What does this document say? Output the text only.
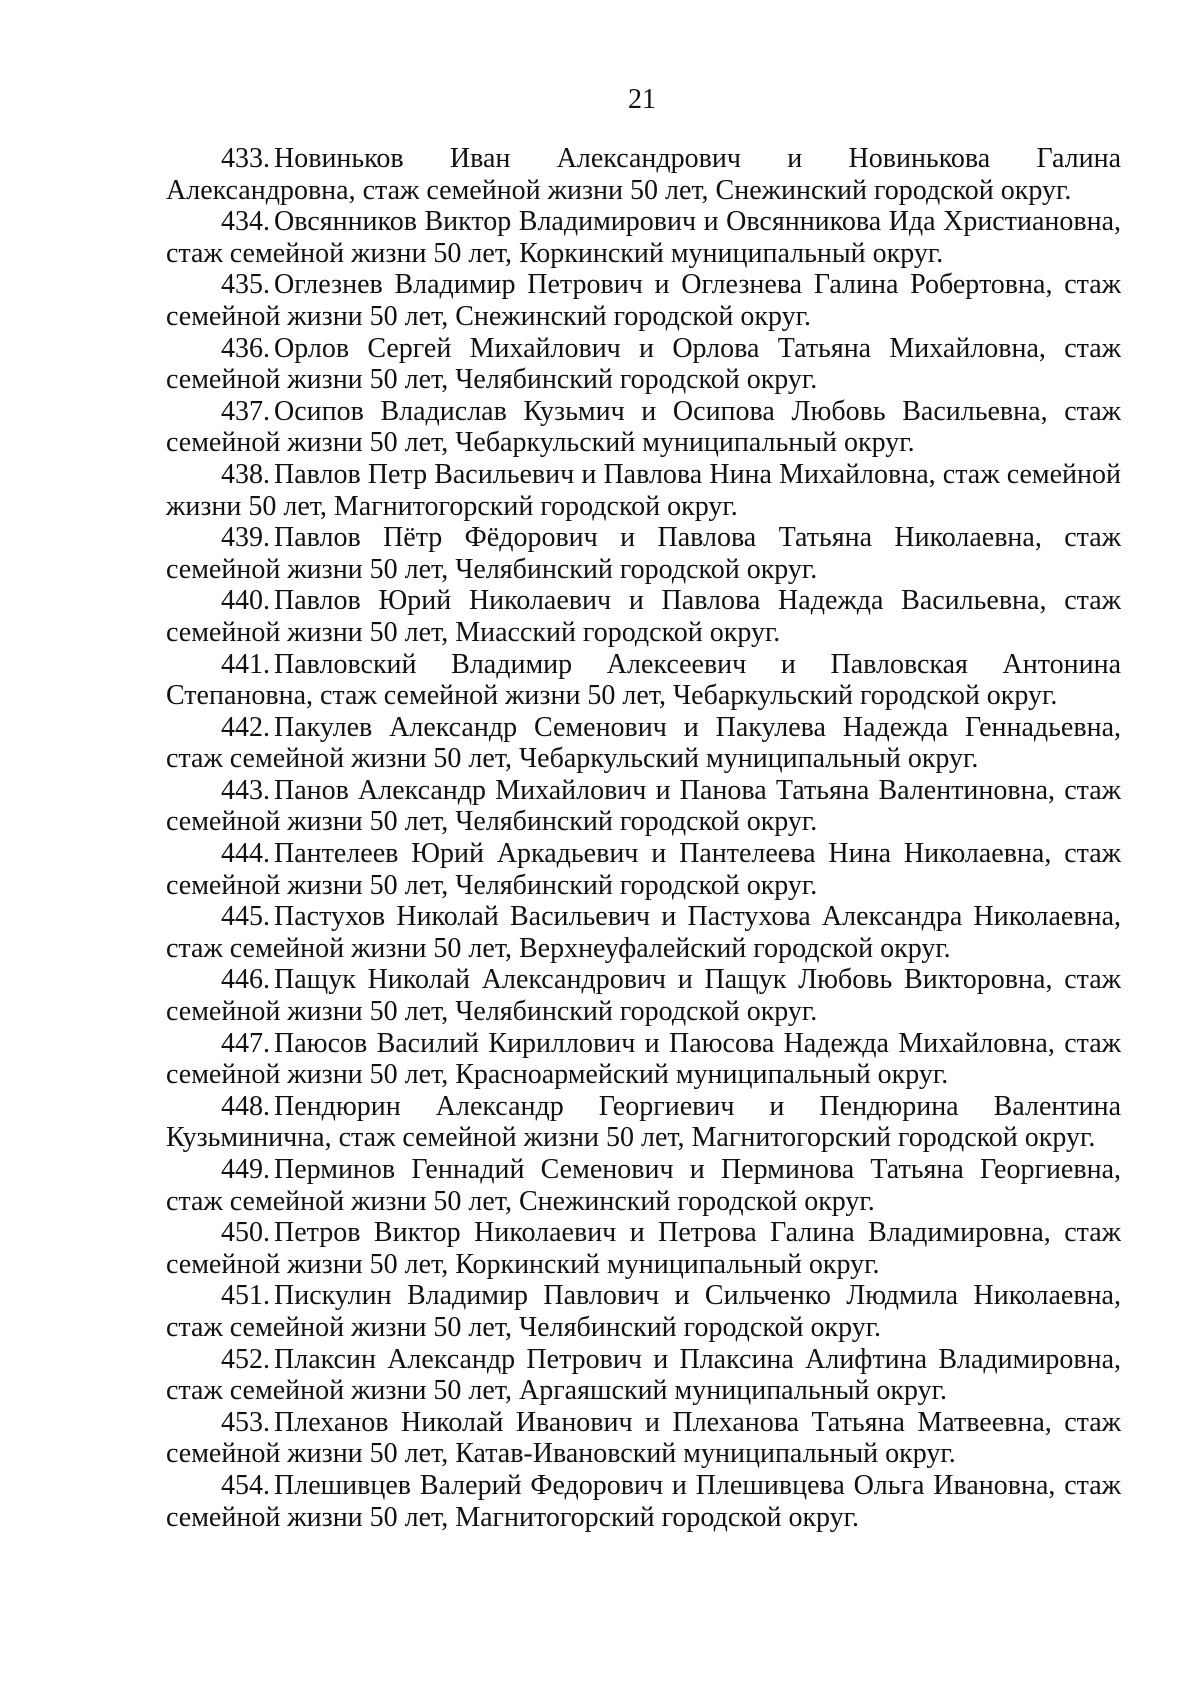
21

433. Новиньков Иван Александрович и Новинькова Галина Александровна, стаж семейной жизни 50 лет, Снежинский городской округ.

434. Овсянников Виктор Владимирович и Овсянникова Ида Христиановна, стаж семейной жизни 50 лет, Коркинский муниципальный округ.

435. Оглезнев Владимир Петрович и Оглезнева Галина Робертовна, стаж семейной жизни 50 лет, Снежинский городской округ.

436. Орлов Сергей Михайлович и Орлова Татьяна Михайловна, стаж семейной жизни 50 лет, Челябинский городской округ.

437. Осипов Владислав Кузьмич и Осипова Любовь Васильевна, стаж семейной жизни 50 лет, Чебаркульский муниципальный округ.

438. Павлов Петр Васильевич и Павлова Нина Михайловна, стаж семейной жизни 50 лет, Магнитогорский городской округ.

439. Павлов Пётр Фёдорович и Павлова Татьяна Николаевна, стаж семейной жизни 50 лет, Челябинский городской округ.

440. Павлов Юрий Николаевич и Павлова Надежда Васильевна, стаж семейной жизни 50 лет, Миасский городской округ.

441. Павловский Владимир Алексеевич и Павловская Антонина Степановна, стаж семейной жизни 50 лет, Чебаркульский городской округ.

442. Пакулев Александр Семенович и Пакулева Надежда Геннадьевна, стаж семейной жизни 50 лет, Чебаркульский муниципальный округ.

443. Панов Александр Михайлович и Панова Татьяна Валентиновна, стаж семейной жизни 50 лет, Челябинский городской округ.

444. Пантелеев Юрий Аркадьевич и Пантелеева Нина Николаевна, стаж семейной жизни 50 лет, Челябинский городской округ.

445. Пастухов Николай Васильевич и Пастухова Александра Николаевна, стаж семейной жизни 50 лет, Верхнеуфалейский городской округ.

446. Пащук Николай Александрович и Пащук Любовь Викторовна, стаж семейной жизни 50 лет, Челябинский городской округ.

447. Паюсов Василий Кириллович и Паюсова Надежда Михайловна, стаж семейной жизни 50 лет, Красноармейский муниципальный округ.

448. Пендюрин Александр Георгиевич и Пендюрина Валентина Кузьминична, стаж семейной жизни 50 лет, Магнитогорский городской округ.

449. Перминов Геннадий Семенович и Перминова Татьяна Георгиевна, стаж семейной жизни 50 лет, Снежинский городской округ.

450. Петров Виктор Николаевич и Петрова Галина Владимировна, стаж семейной жизни 50 лет, Коркинский муниципальный округ.

451. Пискулин Владимир Павлович и Сильченко Людмила Николаевна, стаж семейной жизни 50 лет, Челябинский городской округ.

452. Плаксин Александр Петрович и Плаксина Алифтина Владимировна, стаж семейной жизни 50 лет, Аргаяшский муниципальный округ.

453. Плеханов Николай Иванович и Плеханова Татьяна Матвеевна, стаж семейной жизни 50 лет, Катав-Ивановский муниципальный округ.

454. Плешивцев Валерий Федорович и Плешивцева Ольга Ивановна, стаж семейной жизни 50 лет, Магнитогорский городской округ.
